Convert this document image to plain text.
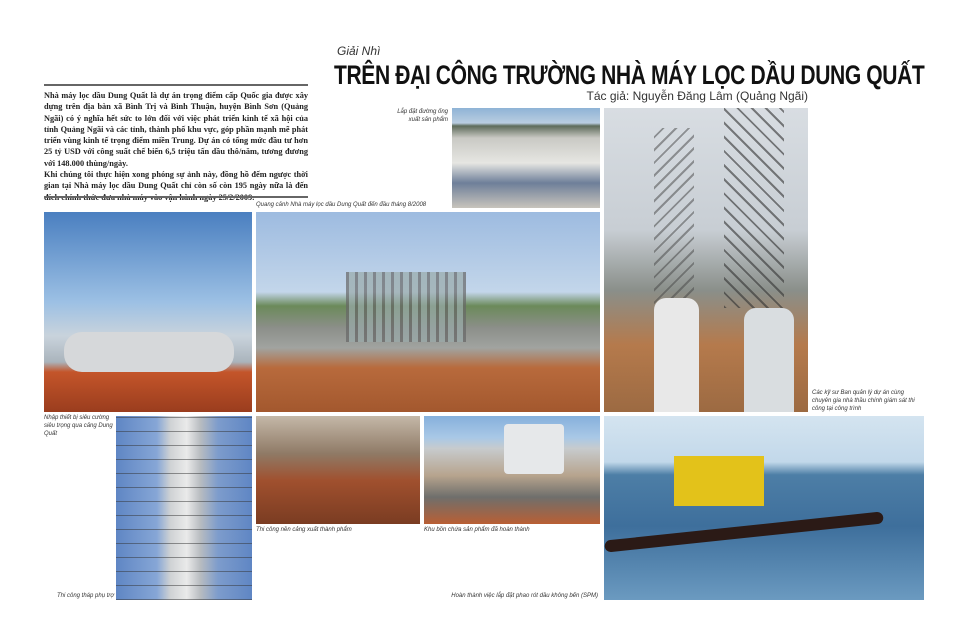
Giải Nhì
TRÊN ĐẠI CÔNG TRƯỜNG NHÀ MÁY LỌC DẦU DUNG QUẤT
Tác giả: Nguyễn Đăng Lâm (Quảng Ngãi)

Nhà máy lọc dầu Dung Quất là dự án trọng điểm cấp Quốc gia được xây dựng trên địa bàn xã Bình Trị và Bình Thuận, huyện Bình Sơn (Quảng Ngãi) có ý nghĩa hết sức to lớn đối với việc phát triển kinh tế xã hội của tỉnh Quảng Ngãi và các tỉnh, thành phố khu vực, góp phần mạnh mẽ phát triển vùng kinh tế trọng điểm miền Trung. Dự án có tổng mức đầu tư hơn 25 tỷ USD với công suất chế biến 6,5 triệu tấn dầu thô/năm, tương đương với 148.000 thùng/ngày.

Khi chúng tôi thực hiện xong phóng sự ảnh này, đồng hồ đếm ngược thời gian tại Nhà máy lọc dầu Dung Quất chỉ còn số còn 195 ngày nữa là đến

Lắp đặt đường ống xuất sản phẩm
Quang cảnh Nhà máy lọc dầu Dung Quất đến đầu tháng 8/2008
Nhập thiết bị siêu cường siêu trọng qua cảng Dung Quất
Các kỹ sư Ban quản lý dự án cùng chuyên gia nhà thầu chính giám sát thi công tại công trình
Thi công tháp phụ trợ
Thi công nền cảng xuất thành phẩm	Khu bồn chứa sản phẩm đã hoàn thành
Hoàn thành việc lắp đặt phao rót dầu không bến (SPM)
